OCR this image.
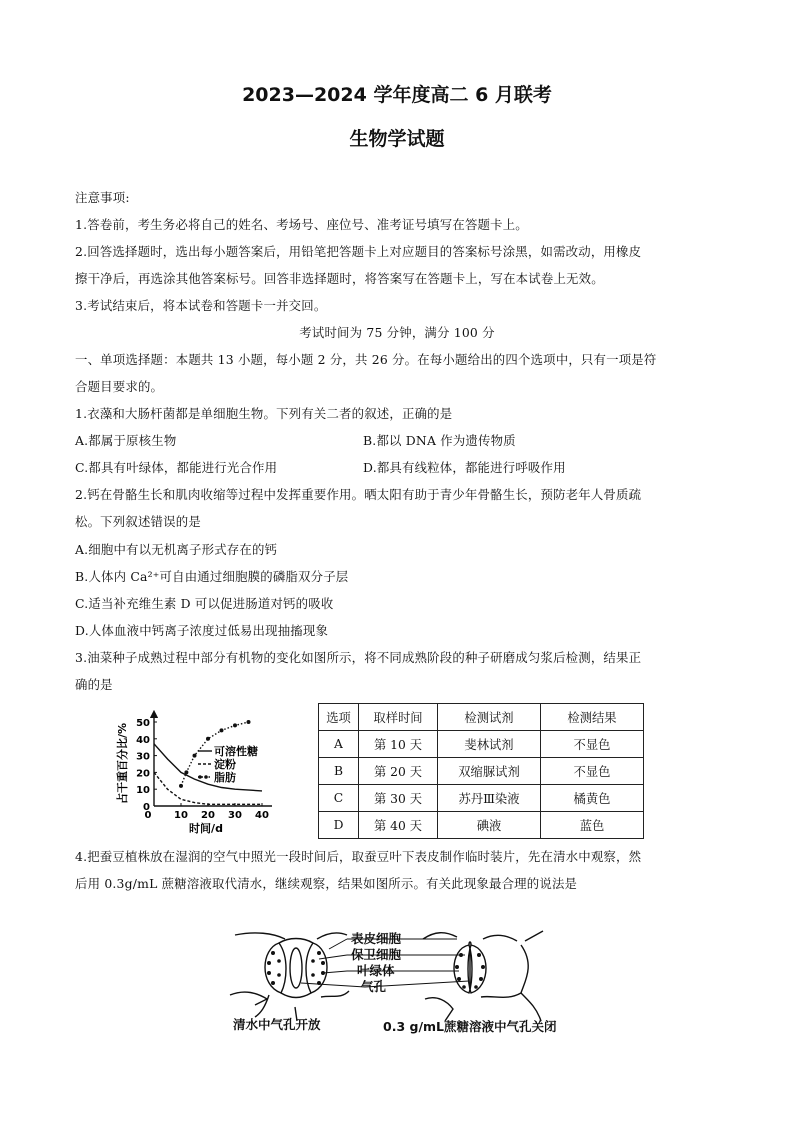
2023—2024 学年度高二 6 月联考
生物学试题
注意事项:
1.答卷前，考生务必将自己的姓名、考场号、座位号、准考证号填写在答题卡上。
2.回答选择题时，选出每小题答案后，用铅笔把答题卡上对应题目的答案标号涂黑，如需改动，用橡皮
擦干净后，再选涂其他答案标号。回答非选择题时，将答案写在答题卡上，写在本试卷上无效。
3.考试结束后，将本试卷和答题卡一并交回。
考试时间为 75 分钟，满分 100 分
一、单项选择题：本题共 13 小题，每小题 2 分，共 26 分。在每小题给出的四个选项中，只有一项是符
合题目要求的。
1.衣藻和大肠杆菌都是单细胞生物。下列有关二者的叙述，正确的是
A.都属于原核生物	B.都以 DNA 作为遗传物质
C.都具有叶绿体，都能进行光合作用	D.都具有线粒体，都能进行呼吸作用
2.钙在骨骼生长和肌肉收缩等过程中发挥重要作用。晒太阳有助于青少年骨骼生长，预防老年人骨质疏
松。下列叙述错误的是
A.细胞中有以无机离子形式存在的钙
B.人体内 Ca²⁺可自由通过细胞膜的磷脂双分子层
C.适当补充维生素 D 可以促进肠道对钙的吸收
D.人体血液中钙离子浓度过低易出现抽搐现象
3.油菜种子成熟过程中部分有机物的变化如图所示，将不同成熟阶段的种子研磨成匀浆后检测，结果正
确的是
0
10
20
30
40
50
0 10 20 30 40
可溶性糖
淀粉
脂肪
占干重百分比/%
时间/d
选项	取样时间	检测试剂	检测结果
A	第 10 天	斐林试剂	不显色
B	第 20 天	双缩脲试剂	不显色
C	第 30 天	苏丹Ⅲ染液	橘黄色
D	第 40 天	碘液	蓝色
4.把蚕豆植株放在湿润的空气中照光一段时间后，取蚕豆叶下表皮制作临时装片，先在清水中观察，然
后用 0.3g/mL 蔗糖溶液取代清水，继续观察，结果如图所示。有关此现象最合理的说法是
表皮细胞
保卫细胞
叶绿体
气孔
清水中气孔开放	0.3 g/mL蔗糖溶液中气孔关闭
